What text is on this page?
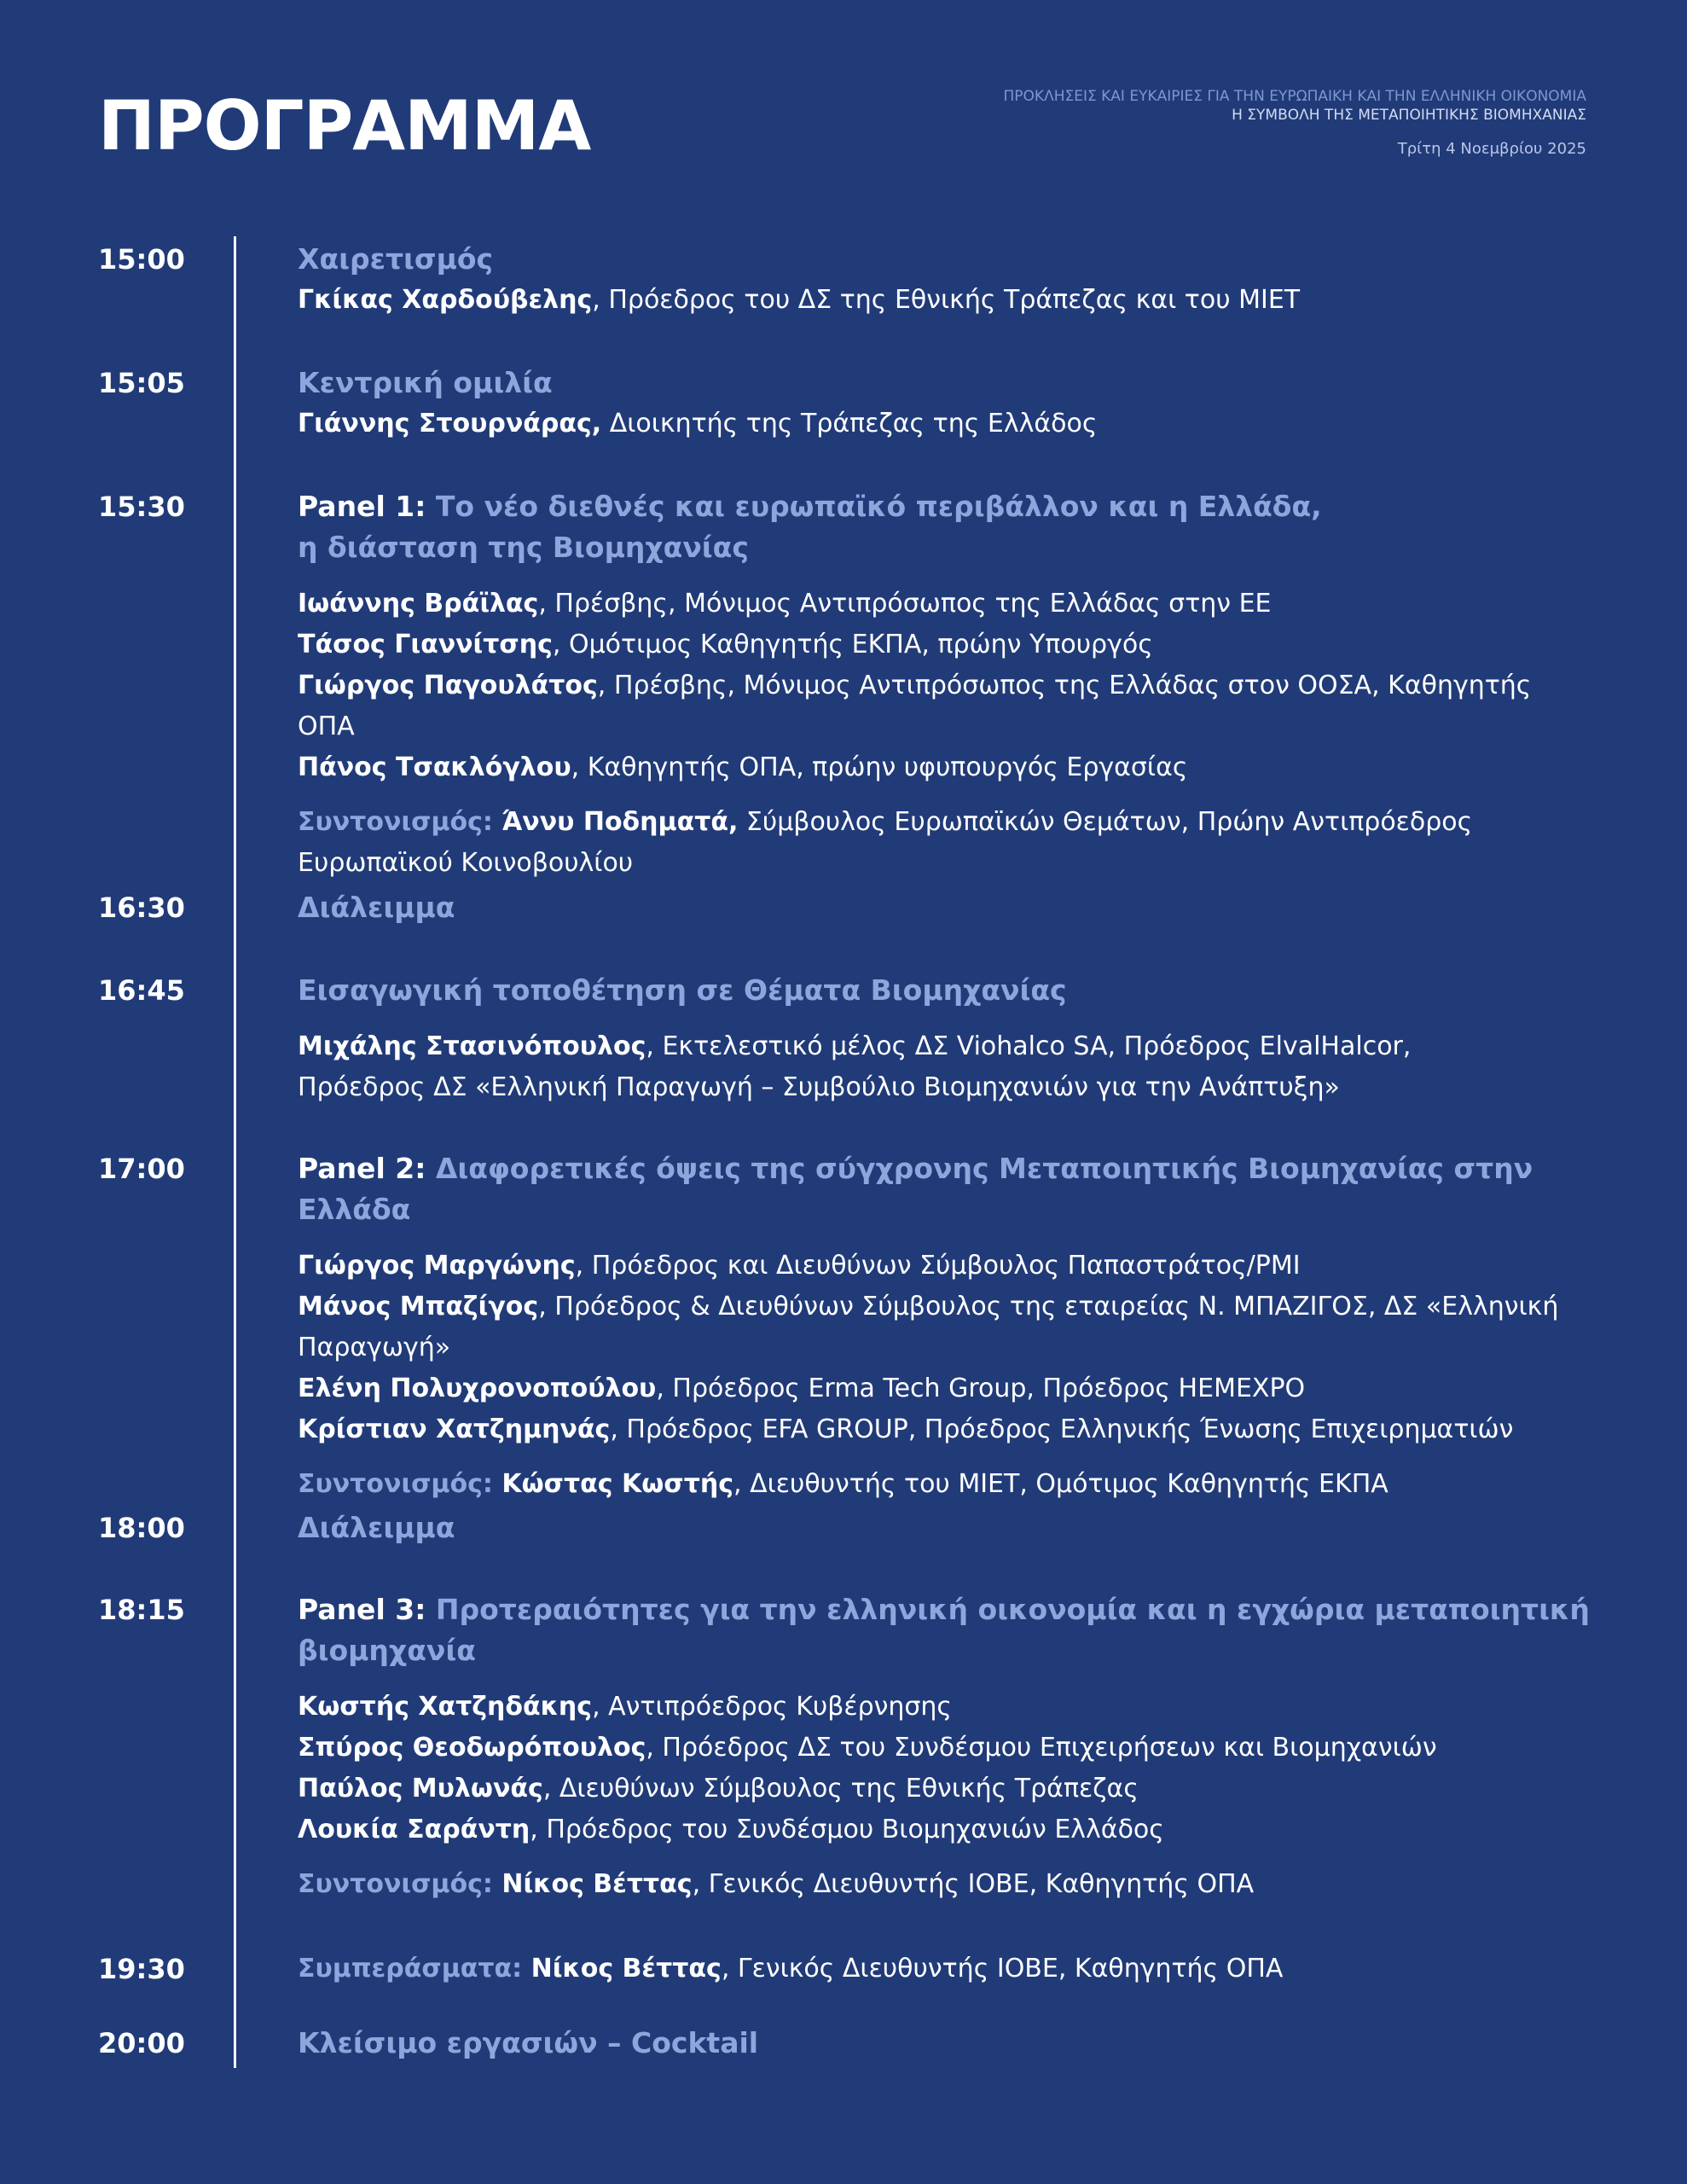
ΠΡΟΓΡΑΜΜΑ	ΠΡΟΚΛΗΣΕΙΣ ΚΑΙ ΕΥΚΑΙΡΙΕΣ ΓΙΑ ΤΗΝ ΕΥΡΩΠΑΙΚΗ ΚΑΙ ΤΗΝ ΕΛΛΗΝΙΚΗ ΟΙΚΟΝΟΜΙΑ
Η ΣΥΜΒΟΛΗ ΤΗΣ ΜΕΤΑΠΟΙΗΤΙΚΗΣ ΒΙΟΜΗΧΑΝΙΑΣ
Τρίτη 4 Νοεμβρίου 2025
15:00	Χαιρετισμός
Γκίκας Χαρδούβελης, Πρόεδρος του ΔΣ της Εθνικής Τράπεζας και του ΜΙΕΤ
15:05	Κεντρική ομιλία
Γιάννης Στουρνάρας, Διοικητής της Τράπεζας της Ελλάδος
15:30	Panel 1: Το νέο διεθνές και ευρωπαϊκό περιβάλλον και η Ελλάδα,
η διάσταση της Βιομηχανίας
Ιωάννης Βράϊλας, Πρέσβης, Μόνιμος Αντιπρόσωπος της Ελλάδας στην ΕΕ
Τάσος Γιαννίτσης, Ομότιμος Καθηγητής ΕΚΠΑ, πρώην Υπουργός
Γιώργος Παγουλάτος, Πρέσβης, Μόνιμος Αντιπρόσωπος της Ελλάδας στον ΟΟΣΑ, Καθηγητής ΟΠΑ
Πάνος Τσακλόγλου, Καθηγητής ΟΠΑ, πρώην υφυπουργός Εργασίας
Συντονισμός: Άννυ Ποδηματά, Σύμβουλος Ευρωπαϊκών Θεμάτων, Πρώην Αντιπρόεδρος
Ευρωπαϊκού Κοινοβουλίου
16:30	Διάλειμμα
16:45	Εισαγωγική τοποθέτηση σε Θέματα Βιομηχανίας
Μιχάλης Στασινόπουλος, Εκτελεστικό μέλος ΔΣ Viohalco SA, Πρόεδρος ElvalHalcor,
Πρόεδρος ΔΣ «Ελληνική Παραγωγή – Συμβούλιο Βιομηχανιών για την Ανάπτυξη»
17:00	Panel 2: Διαφορετικές όψεις της σύγχρονης Μεταποιητικής Βιομηχανίας στην Ελλάδα
Γιώργος Μαργώνης, Πρόεδρος και Διευθύνων Σύμβουλος Παπαστράτος/PMI
Μάνος Μπαζίγος, Πρόεδρος & Διευθύνων Σύμβουλος της εταιρείας Ν. ΜΠΑΖΙΓΟΣ, ΔΣ «Ελληνική
Παραγωγή»
Ελένη Πολυχρονοπούλου, Πρόεδρος Erma Tech Group, Πρόεδρος HEMEXPO
Κρίστιαν Χατζημηνάς, Πρόεδρος EFA GROUP, Πρόεδρος Ελληνικής Ένωσης Επιχειρηματιών
Συντονισμός: Κώστας Κωστής, Διευθυντής του ΜΙΕΤ, Ομότιμος Καθηγητής ΕΚΠΑ
18:00	Διάλειμμα
18:15	Panel 3: Προτεραιότητες για την ελληνική οικονομία και η εγχώρια μεταποιητική
βιομηχανία
Κωστής Χατζηδάκης, Αντιπρόεδρος Κυβέρνησης
Σπύρος Θεοδωρόπουλος, Πρόεδρος ΔΣ του Συνδέσμου Επιχειρήσεων και Βιομηχανιών
Παύλος Μυλωνάς, Διευθύνων Σύμβουλος της Εθνικής Τράπεζας
Λουκία Σαράντη, Πρόεδρος του Συνδέσμου Βιομηχανιών Ελλάδος
Συντονισμός: Νίκος Βέττας, Γενικός Διευθυντής ΙΟΒΕ, Καθηγητής ΟΠΑ
19:30	Συμπεράσματα: Νίκος Βέττας, Γενικός Διευθυντής ΙΟΒΕ, Καθηγητής ΟΠΑ
20:00	Κλείσιμο εργασιών – Cocktail
